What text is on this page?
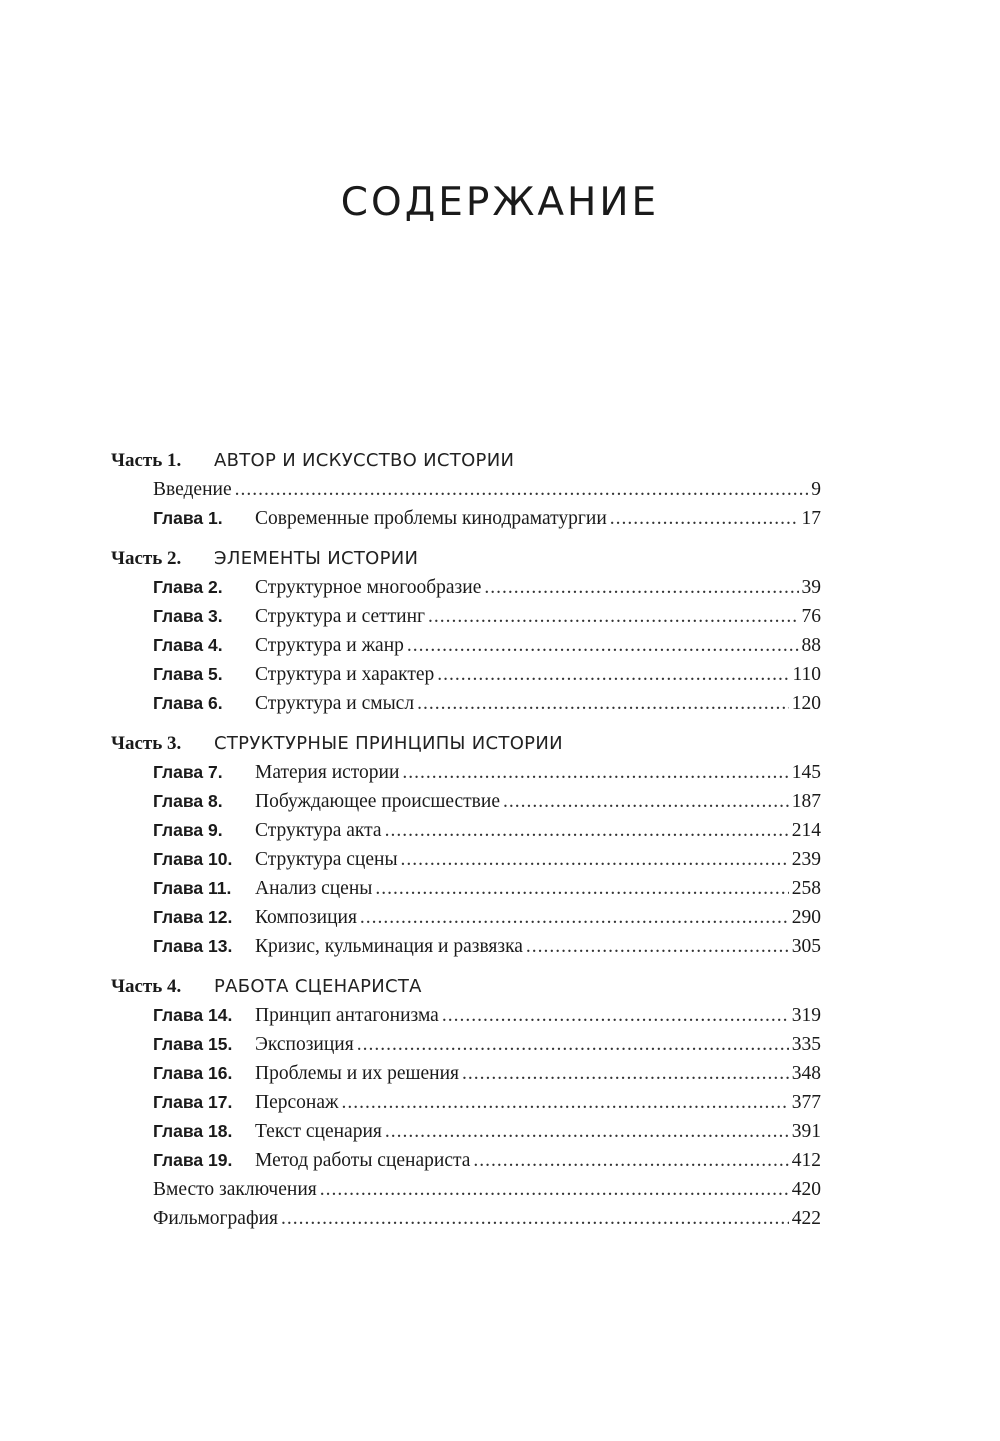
СОДЕРЖАНИЕ
Часть 1. АВТОР И ИСКУССТВО ИСТОРИИ
Введение .....	9
Глава 1.	Современные проблемы кинодраматургии .....	17
Часть 2. ЭЛЕМЕНТЫ ИСТОРИИ
Глава 2.	Структурное многообразие .....	39
Глава 3.	Структура и сеттинг .....	76
Глава 4.	Структура и жанр .....	88
Глава 5.	Структура и характер .....	110
Глава 6.	Структура и смысл .....	120
Часть 3. СТРУКТУРНЫЕ ПРИНЦИПЫ ИСТОРИИ
Глава 7.	Материя истории .....	145
Глава 8.	Побуждающее происшествие .....	187
Глава 9.	Структура акта .....	214
Глава 10.	Структура сцены .....	239
Глава 11.	Анализ сцены .....	258
Глава 12.	Композиция .....	290
Глава 13.	Кризис, кульминация и развязка .....	305
Часть 4. РАБОТА СЦЕНАРИСТА
Глава 14.	Принцип антагонизма .....	319
Глава 15.	Экспозиция .....	335
Глава 16.	Проблемы и их решения .....	348
Глава 17.	Персонаж .....	377
Глава 18.	Текст сценария .....	391
Глава 19.	Метод работы сценариста .....	412
Вместо заключения .....	420
Фильмография .....	422
